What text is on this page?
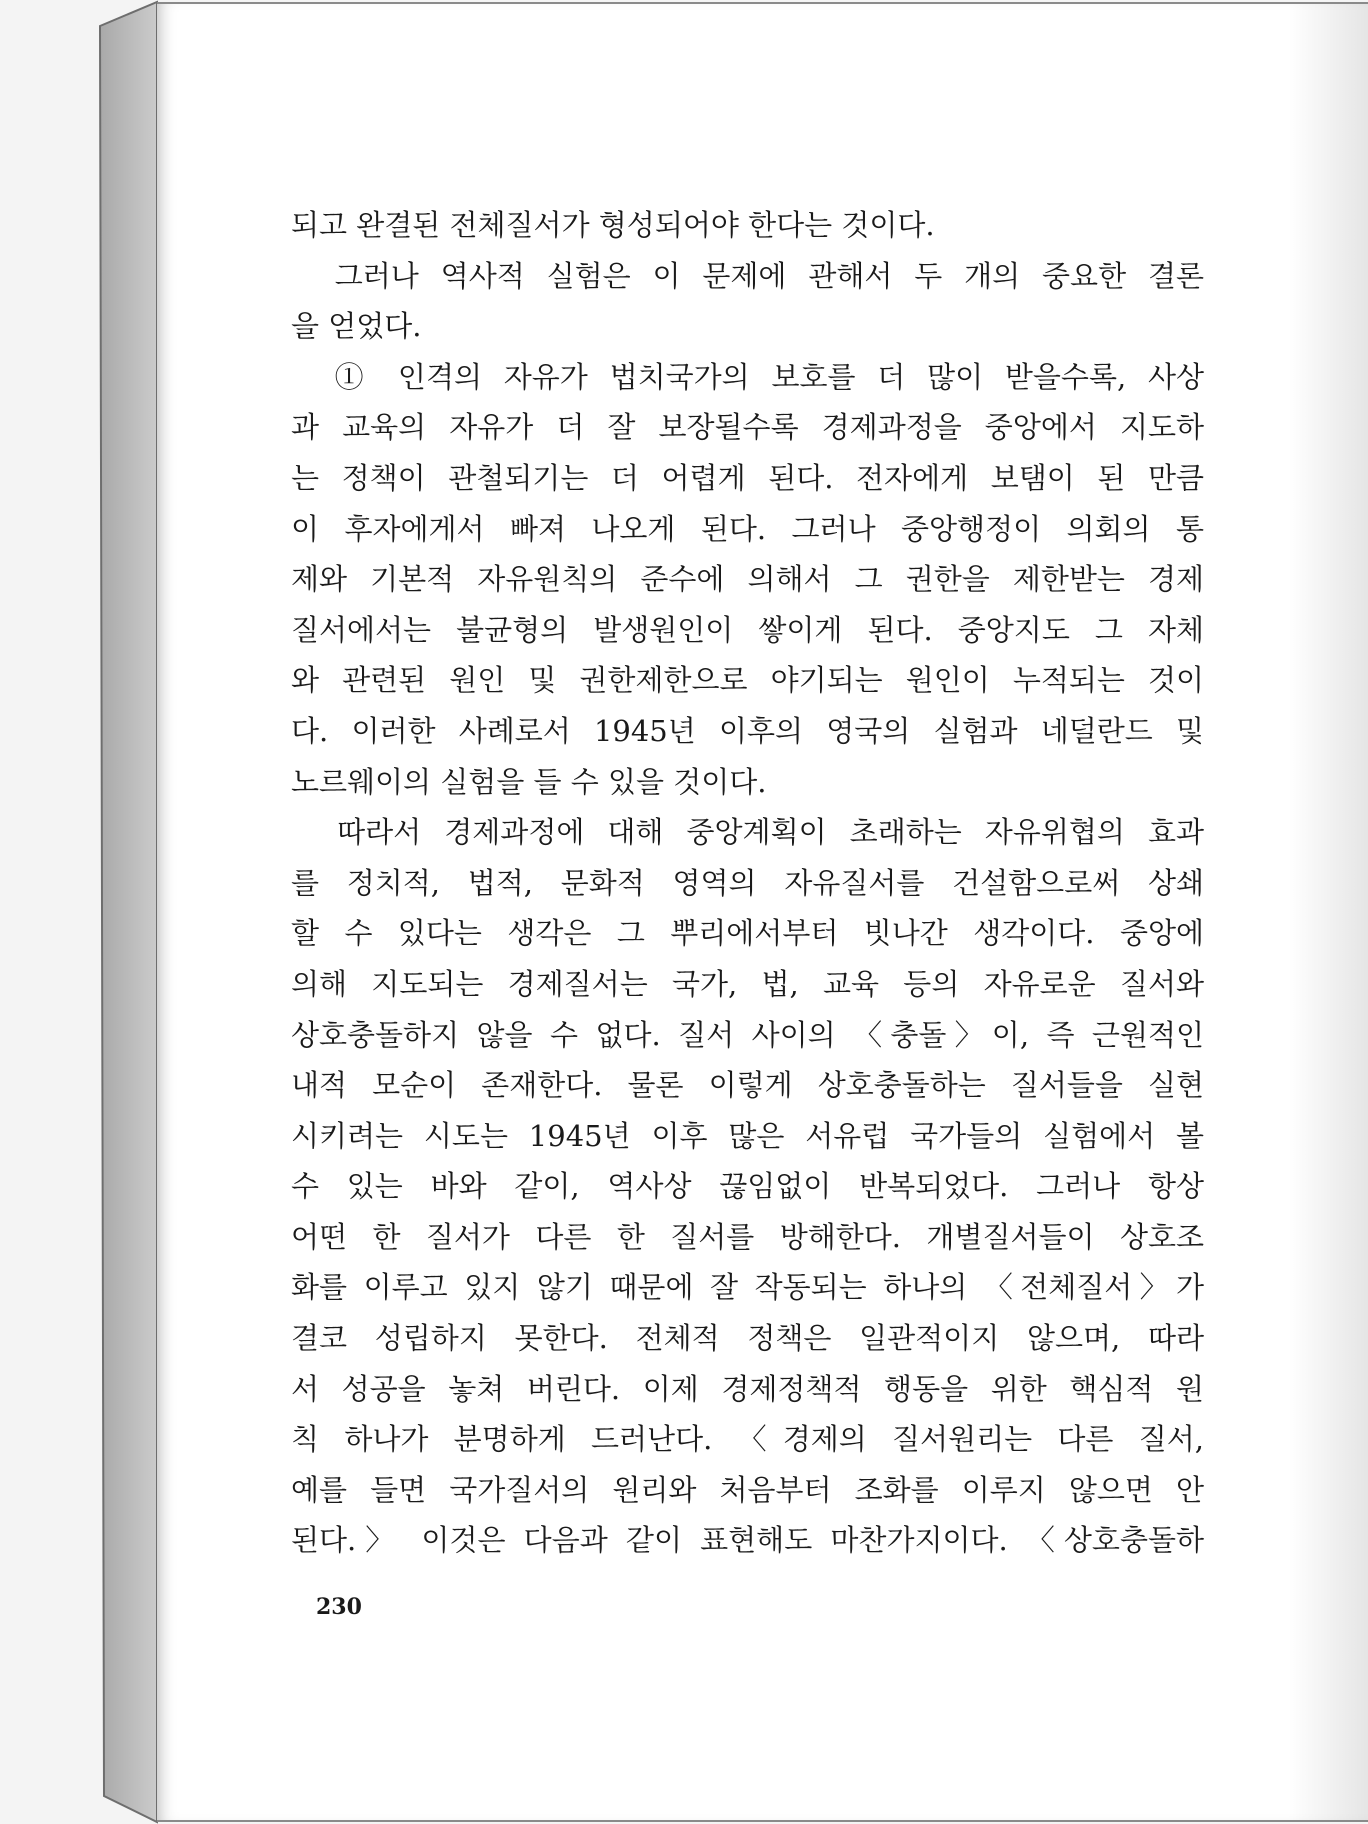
되고 완결된 전체질서가 형성되어야 한다는 것이다.
그러나 역사적 실험은 이 문제에 관해서 두 개의 중요한 결론
을 얻었다.
① 인격의 자유가 법치국가의 보호를 더 많이 받을수록, 사상
과 교육의 자유가 더 잘 보장될수록 경제과정을 중앙에서 지도하
는 정책이 관철되기는 더 어렵게 된다. 전자에게 보탬이 된 만큼
이 후자에게서 빠져 나오게 된다. 그러나 중앙행정이 의회의 통
제와 기본적 자유원칙의 준수에 의해서 그 권한을 제한받는 경제
질서에서는 불균형의 발생원인이 쌓이게 된다. 중앙지도 그 자체
와 관련된 원인 및 권한제한으로 야기되는 원인이 누적되는 것이
다. 이러한 사례로서 1945년 이후의 영국의 실험과 네덜란드 및
노르웨이의 실험을 들 수 있을 것이다.
따라서 경제과정에 대해 중앙계획이 초래하는 자유위협의 효과
를 정치적, 법적, 문화적 영역의 자유질서를 건설함으로써 상쇄
할 수 있다는 생각은 그 뿌리에서부터 빗나간 생각이다. 중앙에
의해 지도되는 경제질서는 국가, 법, 교육 등의 자유로운 질서와
상호충돌하지 않을 수 없다. 질서 사이의 〈충돌〉이, 즉 근원적인
내적 모순이 존재한다. 물론 이렇게 상호충돌하는 질서들을 실현
시키려는 시도는 1945년 이후 많은 서유럽 국가들의 실험에서 볼
수 있는 바와 같이, 역사상 끊임없이 반복되었다. 그러나 항상
어떤 한 질서가 다른 한 질서를 방해한다. 개별질서들이 상호조
화를 이루고 있지 않기 때문에 잘 작동되는 하나의 〈전체질서〉가
결코 성립하지 못한다. 전체적 정책은 일관적이지 않으며, 따라
서 성공을 놓쳐 버린다. 이제 경제정책적 행동을 위한 핵심적 원
칙 하나가 분명하게 드러난다. 〈경제의 질서원리는 다른 질서,
예를 들면 국가질서의 원리와 처음부터 조화를 이루지 않으면 안
된다.〉 이것은 다음과 같이 표현해도 마찬가지이다. 〈상호충돌하
230
